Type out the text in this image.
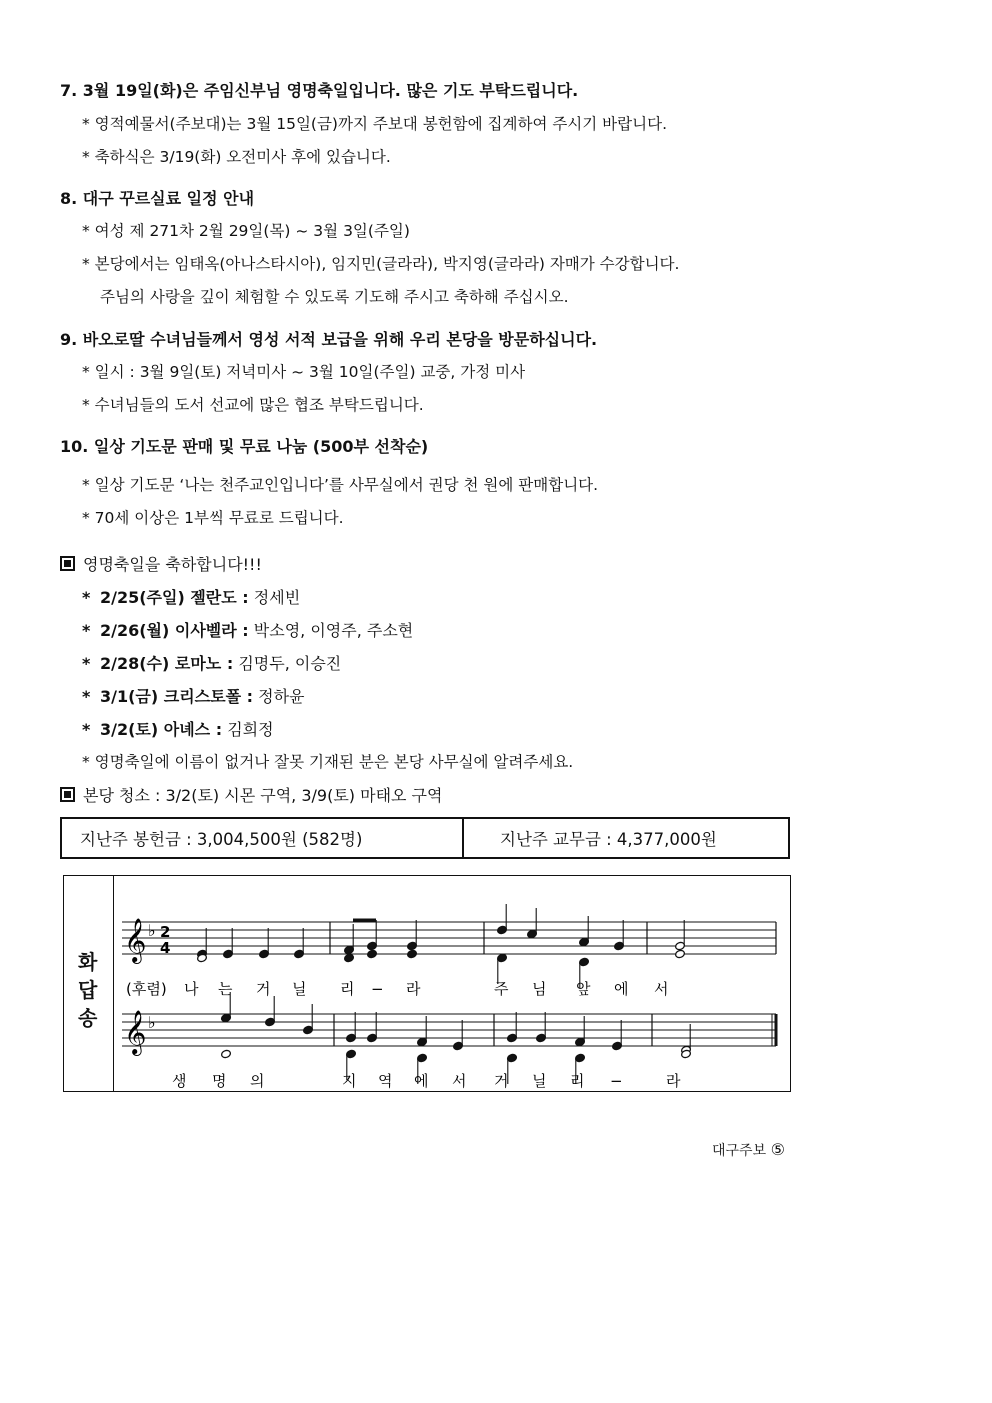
7. 3월 19일(화)은 주임신부님 영명축일입니다. 많은 기도 부탁드립니다.
* 영적예물서(주보대)는 3월 15일(금)까지 주보대 봉헌함에 집계하여 주시기 바랍니다.
* 축하식은 3/19(화) 오전미사 후에 있습니다.
8. 대구 꾸르실료 일정 안내
* 여성 제 271차 2월 29일(목) ~ 3월 3일(주일)
* 본당에서는 임태옥(아나스타시아), 임지민(글라라), 박지영(글라라) 자매가 수강합니다.
주님의 사랑을 깊이 체험할 수 있도록 기도해 주시고 축하해 주십시오.
9. 바오로딸 수녀님들께서 영성 서적 보급을 위해 우리 본당을 방문하십니다.
* 일시 : 3월 9일(토) 저녁미사 ~ 3월 10일(주일) 교중, 가정 미사
* 수녀님들의 도서 선교에 많은 협조 부탁드립니다.
10. 일상 기도문 판매 및 무료 나눔 (500부 선착순)
* 일상 기도문 ‘나는 천주교인입니다’를 사무실에서 권당 천 원에 판매합니다.
* 70세 이상은 1부씩 무료로 드립니다.
영명축일을 축하합니다!!!
* 2/25(주일) 젤란도 : 정세빈
* 2/26(월) 이사벨라 : 박소영, 이영주, 주소현
* 2/28(수) 로마노 : 김명두, 이승진
* 3/1(금) 크리스토폴 : 정하윤
* 3/2(토) 아녜스 : 김희정
* 영명축일에 이름이 없거나 잘못 기재된 분은 본당 사무실에 알려주세요.
본당 청소 : 3/2(토) 시몬 구역, 3/9(토) 마태오 구역
지난주 봉헌금 : 3,004,500원 (582명)	지난주 교무금 : 4,377,000원
화
답
송
𝄞 ♭ 2
4
𝄞 ♭
(후렴) 나 는 거 닐 리 − 라	주 님 앞 에 서
생 명 의	지 역 에 서 거 닐 리 −	라
대구주보 ⑤
